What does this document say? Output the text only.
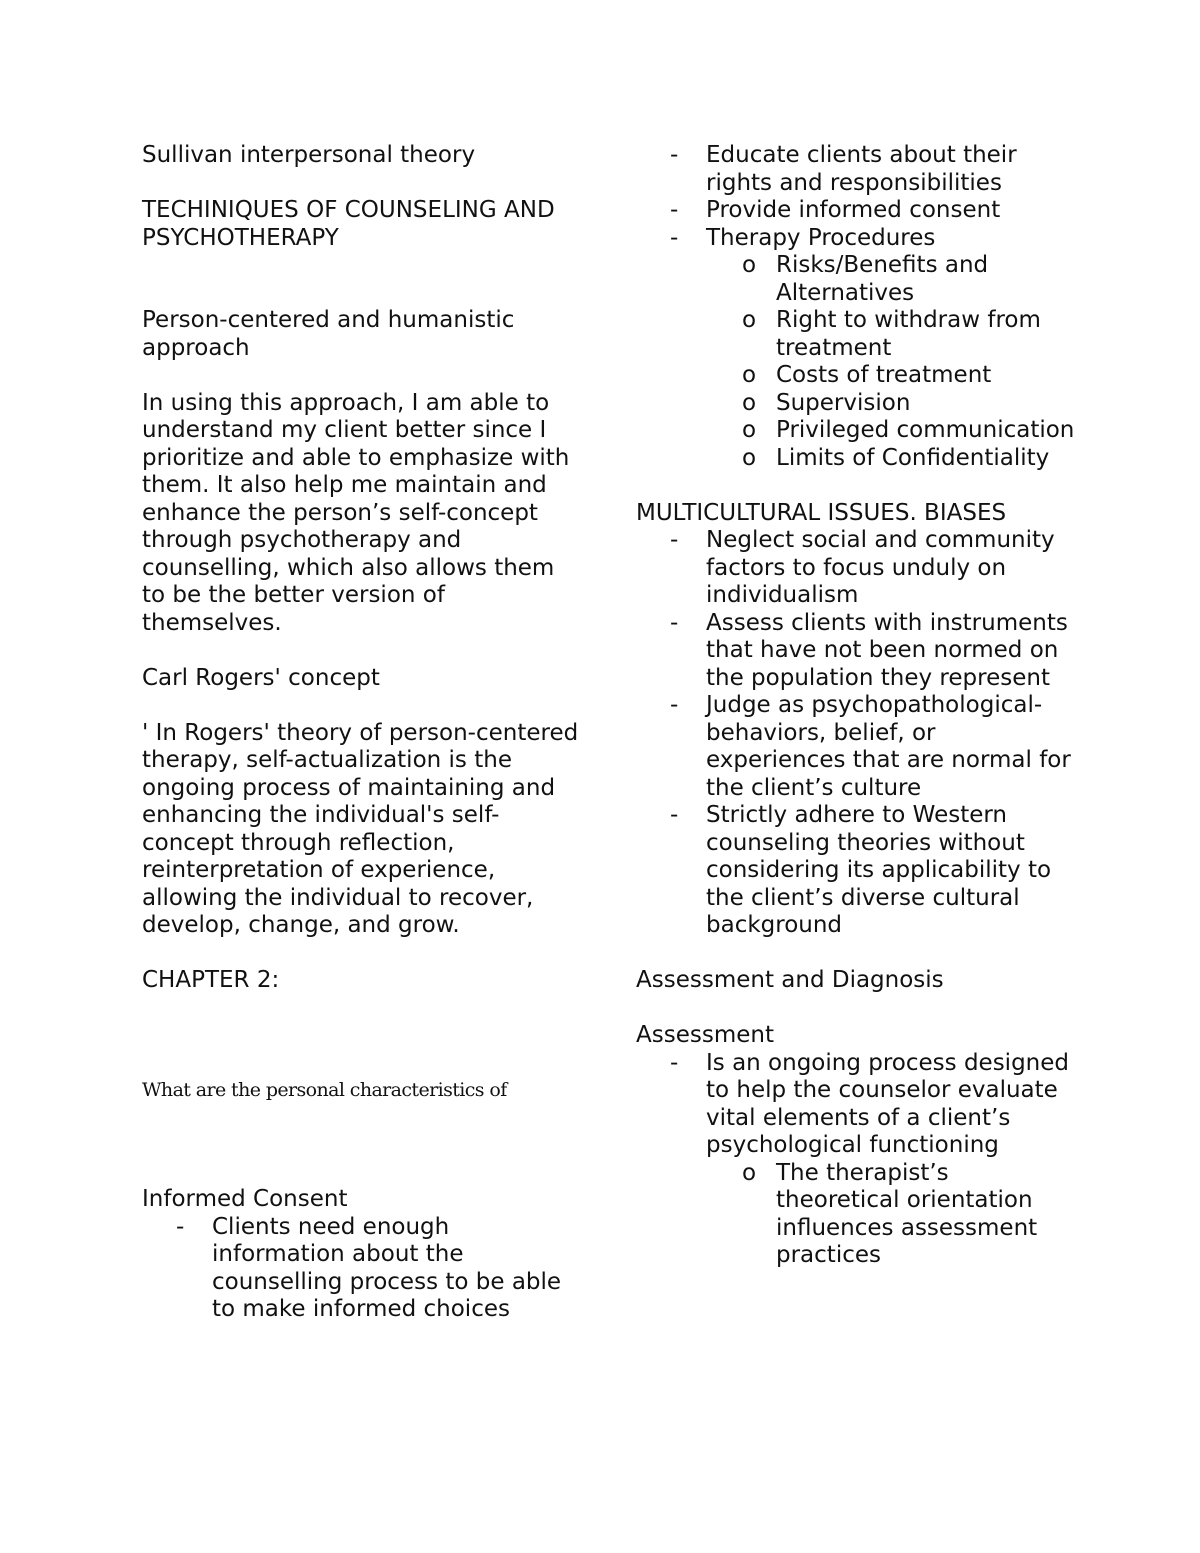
Sullivan interpersonal theory

TECHINIQUES OF COUNSELING AND PSYCHOTHERAPY

Person-centered and humanistic approach

In using this approach, I am able to understand my client better since I prioritize and able to emphasize with them. It also help me maintain and enhance the person’s self-concept through psychotherapy and counselling, which also allows them to be the better version of themselves.

Carl Rogers' concept

' In Rogers' theory of person-centered therapy, self-actualization is the ongoing process of maintaining and enhancing the individual's self-concept through reflection, reinterpretation of experience, allowing the individual to recover, develop, change, and grow.

CHAPTER 2:

What are the personal characteristics of

Informed Consent

- Clients need enough information about the counselling process to be able to make informed choices
- Educate clients about their rights and responsibilities
- Provide informed consent
- Therapy Procedures
o Risks/Benefits and Alternatives
o Right to withdraw from treatment
o Costs of treatment
o Supervision
o Privileged communication
o Limits of Confidentiality

MULTICULTURAL ISSUES. BIASES

- Neglect social and community factors to focus unduly on individualism
- Assess clients with instruments that have not been normed on the population they represent
- Judge as psychopathological-behaviors, belief, or experiences that are normal for the client’s culture
- Strictly adhere to Western counseling theories without considering its applicability to the client’s diverse cultural background

Assessment and Diagnosis

Assessment

- Is an ongoing process designed to help the counselor evaluate vital elements of a client’s psychological functioning
o The therapist’s theoretical orientation influences assessment practices
